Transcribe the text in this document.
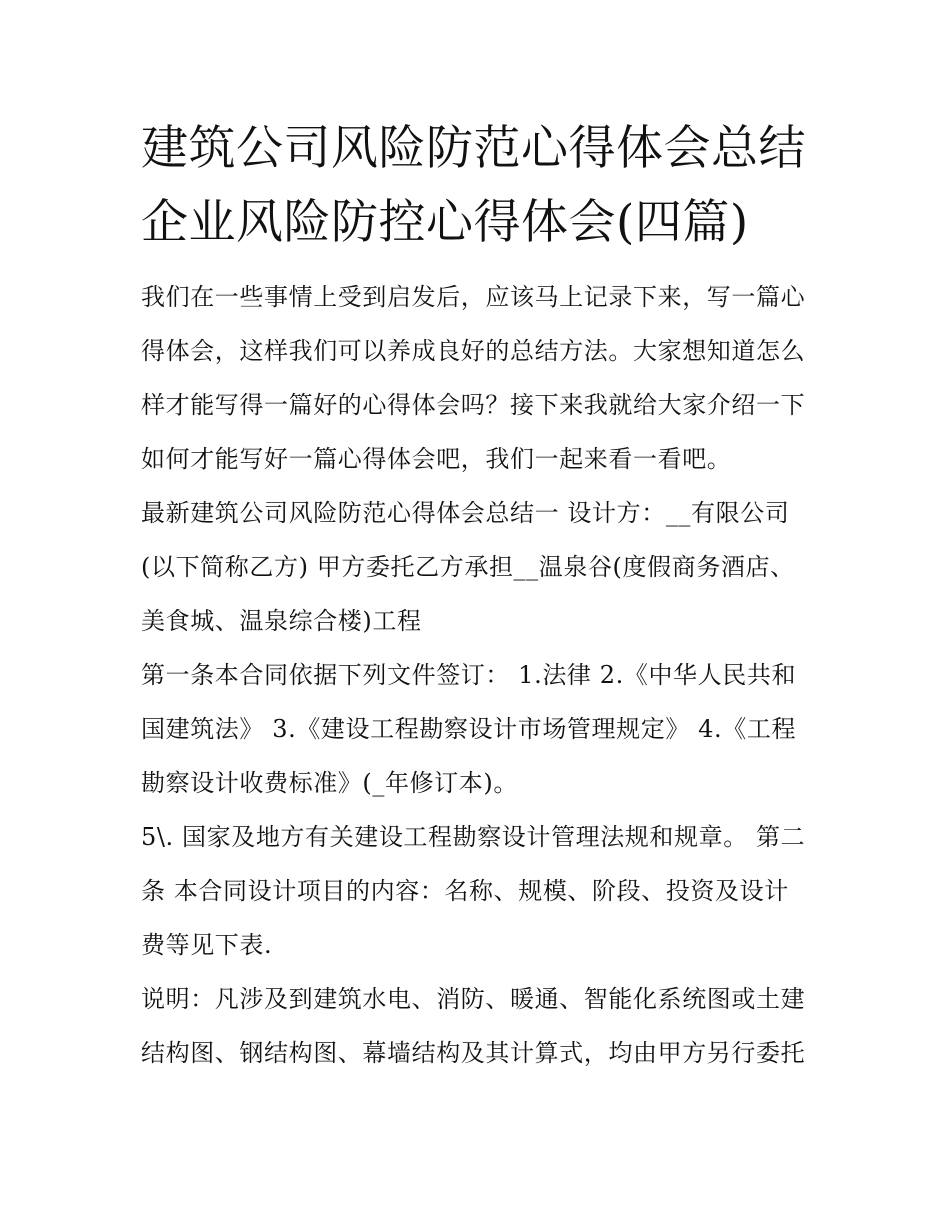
建筑公司风险防范心得体会总结 企业风险防控心得体会(四篇)

我们在一些事情上受到启发后，应该马上记录下来，写一篇心得体会，这样我们可以养成良好的总结方法。大家想知道怎么样才能写得一篇好的心得体会吗？接下来我就给大家介绍一下如何才能写好一篇心得体会吧，我们一起来看一看吧。

最新建筑公司风险防范心得体会总结一 设计方：__有限公司(以下简称乙方) 甲方委托乙方承担__温泉谷(度假商务酒店、美食城、温泉综合楼)工程

第一条本合同依据下列文件签订： 1.法律 2.《中华人民共和国建筑法》 3.《建设工程勘察设计市场管理规定》 4.《工程勘察设计收费标准》(_年修订本)。

5\. 国家及地方有关建设工程勘察设计管理法规和规章。 第二条 本合同设计项目的内容：名称、规模、阶段、投资及设计费等见下表.

说明：凡涉及到建筑水电、消防、暖通、智能化系统图或土建结构图、钢结构图、幕墙结构及其计算式，均由甲方另行委托
